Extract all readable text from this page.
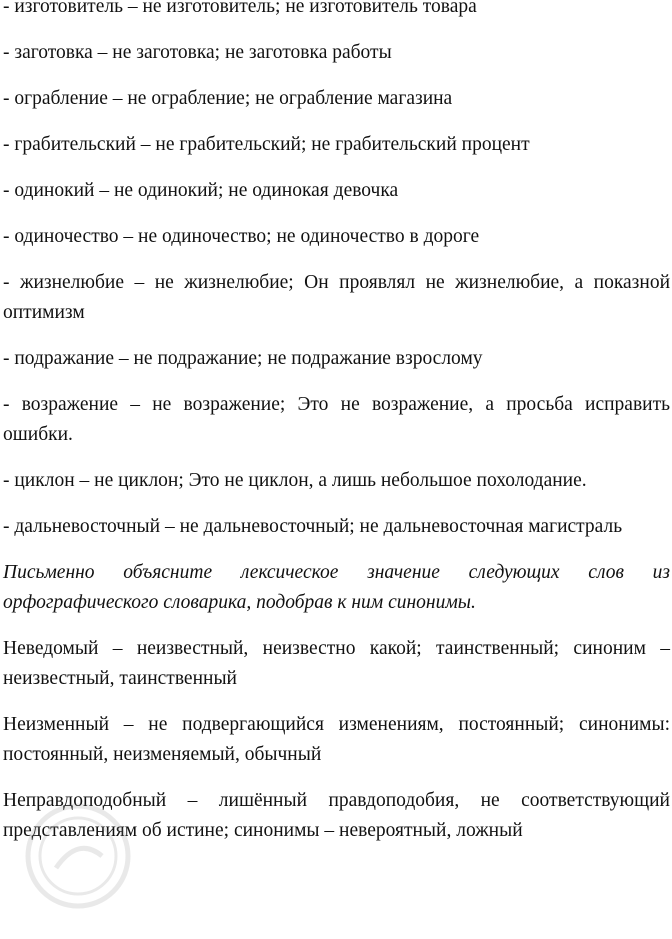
- изготовитель – не изготовитель; не изготовитель товара

- заготовка – не заготовка; не заготовка работы

- ограбление – не ограбление; не ограбление магазина

- грабительский – не грабительский; не грабительский процент

- одинокий – не одинокий; не одинокая девочка

- одиночество – не одиночество; не одиночество в дороге

- жизнелюбие – не жизнелюбие; Он проявлял не жизнелюбие, а показной оптимизм

- подражание – не подражание; не подражание взрослому

- возражение – не возражение; Это не возражение, а просьба исправить ошибки.

- циклон – не циклон; Это не циклон, а лишь небольшое похолодание.

- дальневосточный – не дальневосточный; не дальневосточная магистраль

Письменно объясните лексическое значение следующих слов из орфографического словарика, подобрав к ним синонимы.

Неведомый – неизвестный, неизвестно какой; таинственный; синоним – неизвестный, таинственный

Неизменный – не подвергающийся изменениям, постоянный; синонимы: постоянный, неизменяемый, обычный

Неправдоподобный – лишённый правдоподобия, не соответствующий представлениям об истине; синонимы – невероятный, ложный
